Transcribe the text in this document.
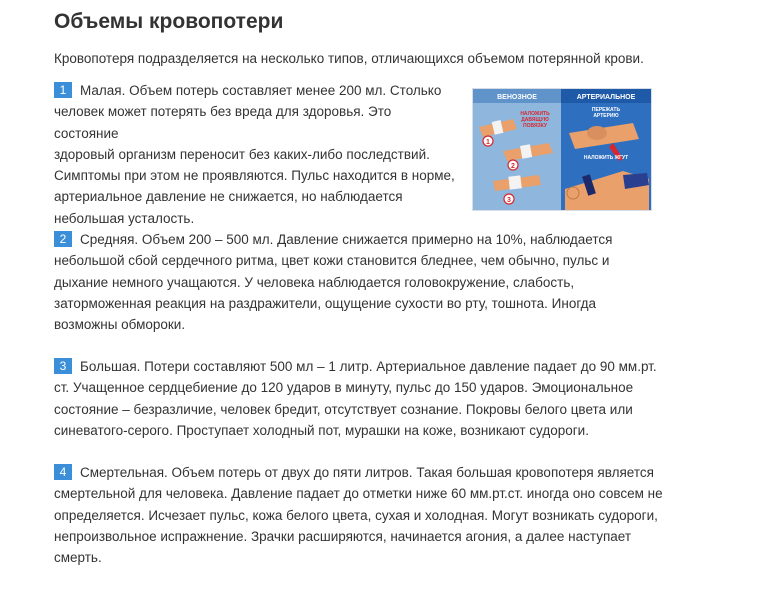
Объемы кровопотери

Кровопотеря подразделяется на несколько типов, отличающихся объемом потерянной крови.

1 Малая. Объем потерь составляет менее 200 мл. Столько
человек может потерять без вреда для здоровья. Это состояние
здоровый организм переносит без каких-либо последствий.
Симптомы при этом не проявляются. Пульс находится в норме,
артериальное давление не снижается, но наблюдается
небольшая усталость.
ВЕНОЗНОЕ	АРТЕРИАЛЬНОЕ
1
НАЛОЖИТЬ
ДАВЯЩУЮ
ПОВЯЗКУ
2
3
ПЕРЕЖАТЬ
АРТЕРИЮ
НАЛОЖИТЬ ЖГУТ
2 Средняя. Объем 200 – 500 мл. Давление снижается примерно на 10%, наблюдается
небольшой сбой сердечного ритма, цвет кожи становится бледнее, чем обычно, пульс и
дыхание немного учащаются. У человека наблюдается головокружение, слабость,
заторможенная реакция на раздражители, ощущение сухости во рту, тошнота. Иногда
возможны обмороки.
3 Большая. Потери составляют 500 мл – 1 литр. Артериальное давление падает до 90 мм.рт.
ст. Учащенное сердцебиение до 120 ударов в минуту, пульс до 150 ударов. Эмоциональное
состояние – безразличие, человек бредит, отсутствует сознание. Покровы белого цвета или
синеватого-серого. Проступает холодный пот, мурашки на коже, возникают судороги.
4 Смертельная. Объем потерь от двух до пяти литров. Такая большая кровопотеря является
смертельной для человека. Давление падает до отметки ниже 60 мм.рт.ст. иногда оно совсем не
определяется. Исчезает пульс, кожа белого цвета, сухая и холодная. Могут возникать судороги,
непроизвольное испражнение. Зрачки расширяются, начинается агония, а далее наступает
смерть.
